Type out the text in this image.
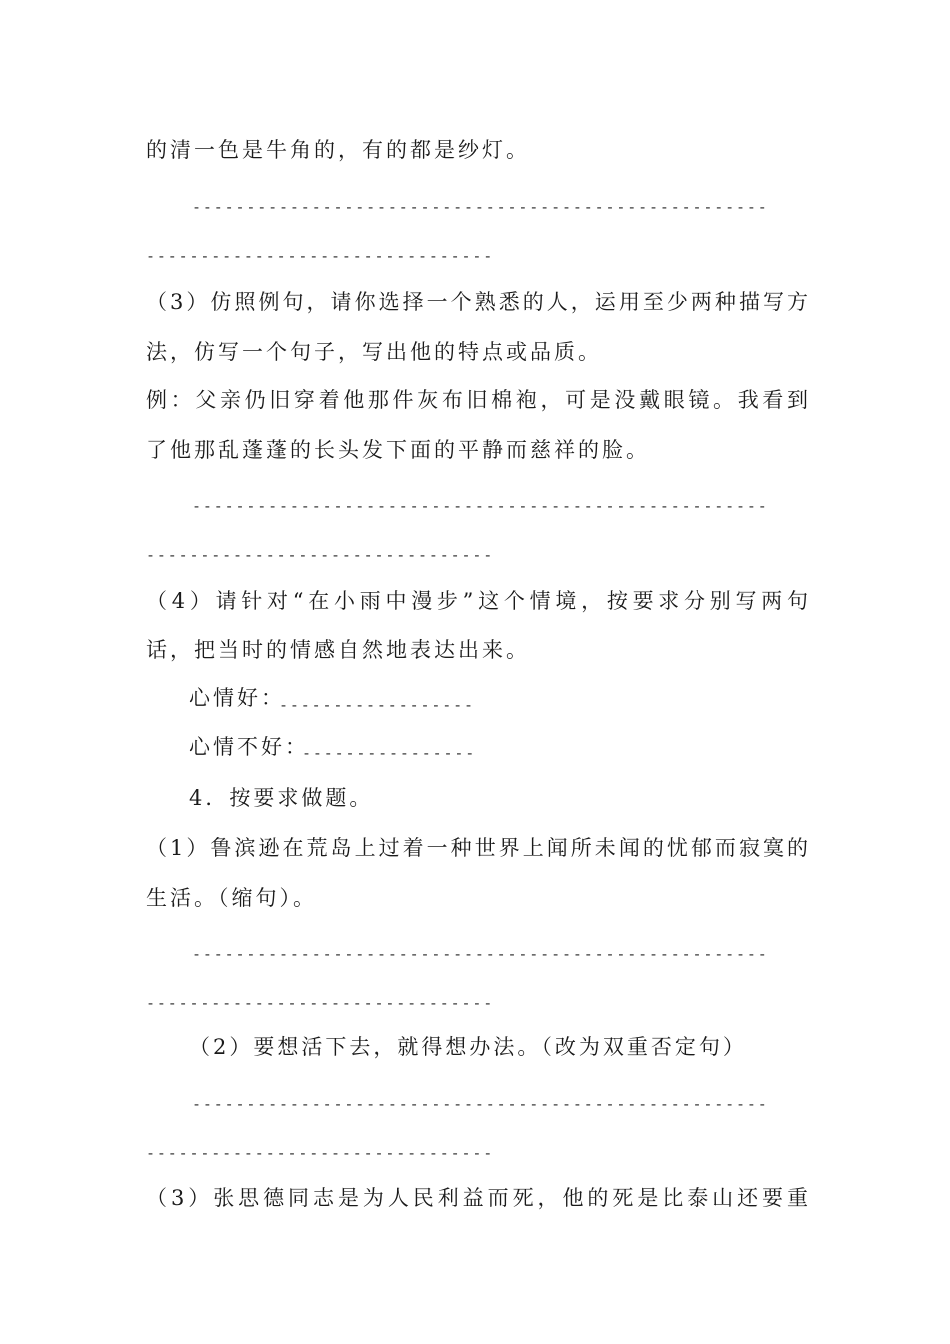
的清一色是牛角的，有的都是纱灯。
-----------------------------------------------------
--------------------------------
（3）仿照例句，请你选择一个熟悉的人，运用至少两种描写方
法，仿写一个句子，写出他的特点或品质。
例：父亲仍旧穿着他那件灰布旧棉袍，可是没戴眼镜。我看到
了他那乱蓬蓬的长头发下面的平静而慈祥的脸。
-----------------------------------------------------
--------------------------------
（4）请针对“在小雨中漫步”这个情境，按要求分别写两句
话，把当时的情感自然地表达出来。
心情好：
------------------
心情不好：
----------------
4．按要求做题。
（1）鲁滨逊在荒岛上过着一种世界上闻所未闻的忧郁而寂寞的
生活。（缩句）。
-----------------------------------------------------
--------------------------------
（2）要想活下去，就得想办法。（改为双重否定句）
-----------------------------------------------------
--------------------------------
（3）张思德同志是为人民利益而死，他的死是比泰山还要重
